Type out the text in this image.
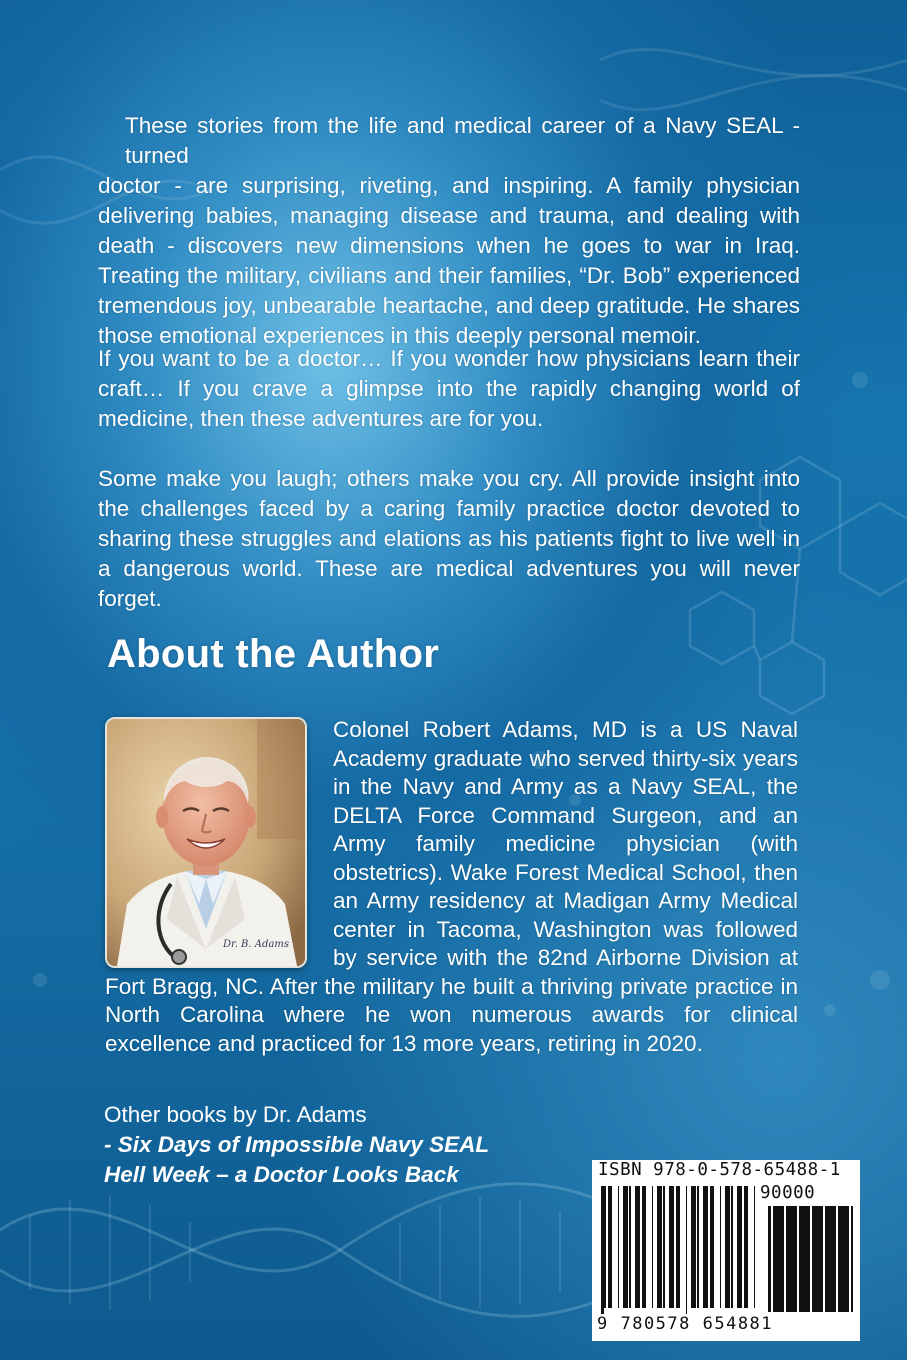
These stories from the life and medical career of a Navy SEAL - turned
doctor - are surprising, riveting, and inspiring. A family physician delivering babies, managing disease and trauma, and dealing with death - discovers new dimensions when he goes to war in Iraq. Treating the military, civilians and their families, “Dr. Bob” experienced tremendous joy, unbearable heartache, and deep gratitude. He shares those emotional experiences in this deeply personal memoir.
If you want to be a doctor… If you wonder how physicians learn their craft… If you crave a glimpse into the rapidly changing world of medicine, then these adventures are for you.
Some make you laugh; others make you cry. All provide insight into the challenges faced by a caring family practice doctor devoted to sharing these struggles and elations as his patients fight to live well in a dangerous world. These are medical adventures you will never forget.
About the Author
Dr. B. Adams
Colonel Robert Adams, MD is a US Naval Academy graduate who served thirty-six years in the Navy and Army as a Navy SEAL, the DELTA Force Command Surgeon, and an Army family medicine physician (with obstetrics). Wake Forest Medical School, then an Army residency at Madigan Army Medical center in Tacoma, Washington was followed by service with the 82nd Airborne Division at Fort Bragg, NC. After the military he built a thriving private practice in North Carolina where he won numerous awards for clinical excellence and practiced for 13 more years, retiring in 2020.
Other books by Dr. Adams
- Six Days of Impossible Navy SEAL
Hell Week – a Doctor Looks Back	ISBN 978-0-578-65488-1
90000
9 780578 654881
